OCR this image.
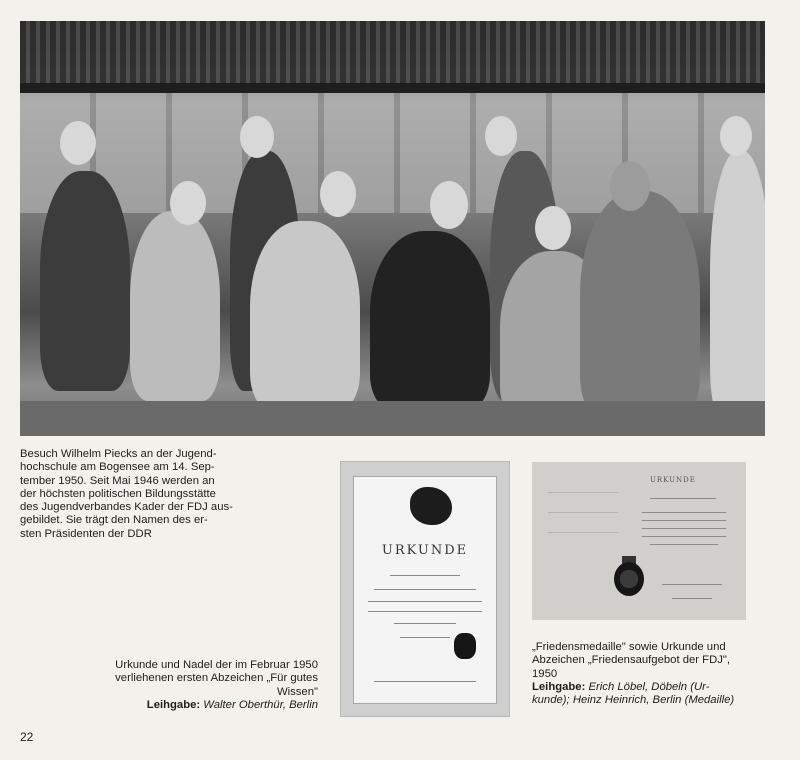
Besuch Wilhelm Piecks an der Jugend-
hochschule am Bogensee am 14. Sep-
tember 1950. Seit Mai 1946 werden an
der höchsten politischen Bildungsstätte
des Jugendverbandes Kader der FDJ aus-
gebildet. Sie trägt den Namen des er-
sten Präsidenten der DDR

URKUNDE
URKUNDE

Urkunde und Nadel der im Februar 1950
verliehenen ersten Abzeichen „Für gutes
Wissen"
Leihgabe: Walter Oberthür, Berlin

„Friedensmedaille" sowie Urkunde und
Abzeichen „Friedensaufgebot der FDJ",
1950
Leihgabe: Erich Löbel, Döbeln (Ur-
kunde); Heinz Heinrich, Berlin (Medaille)

22
